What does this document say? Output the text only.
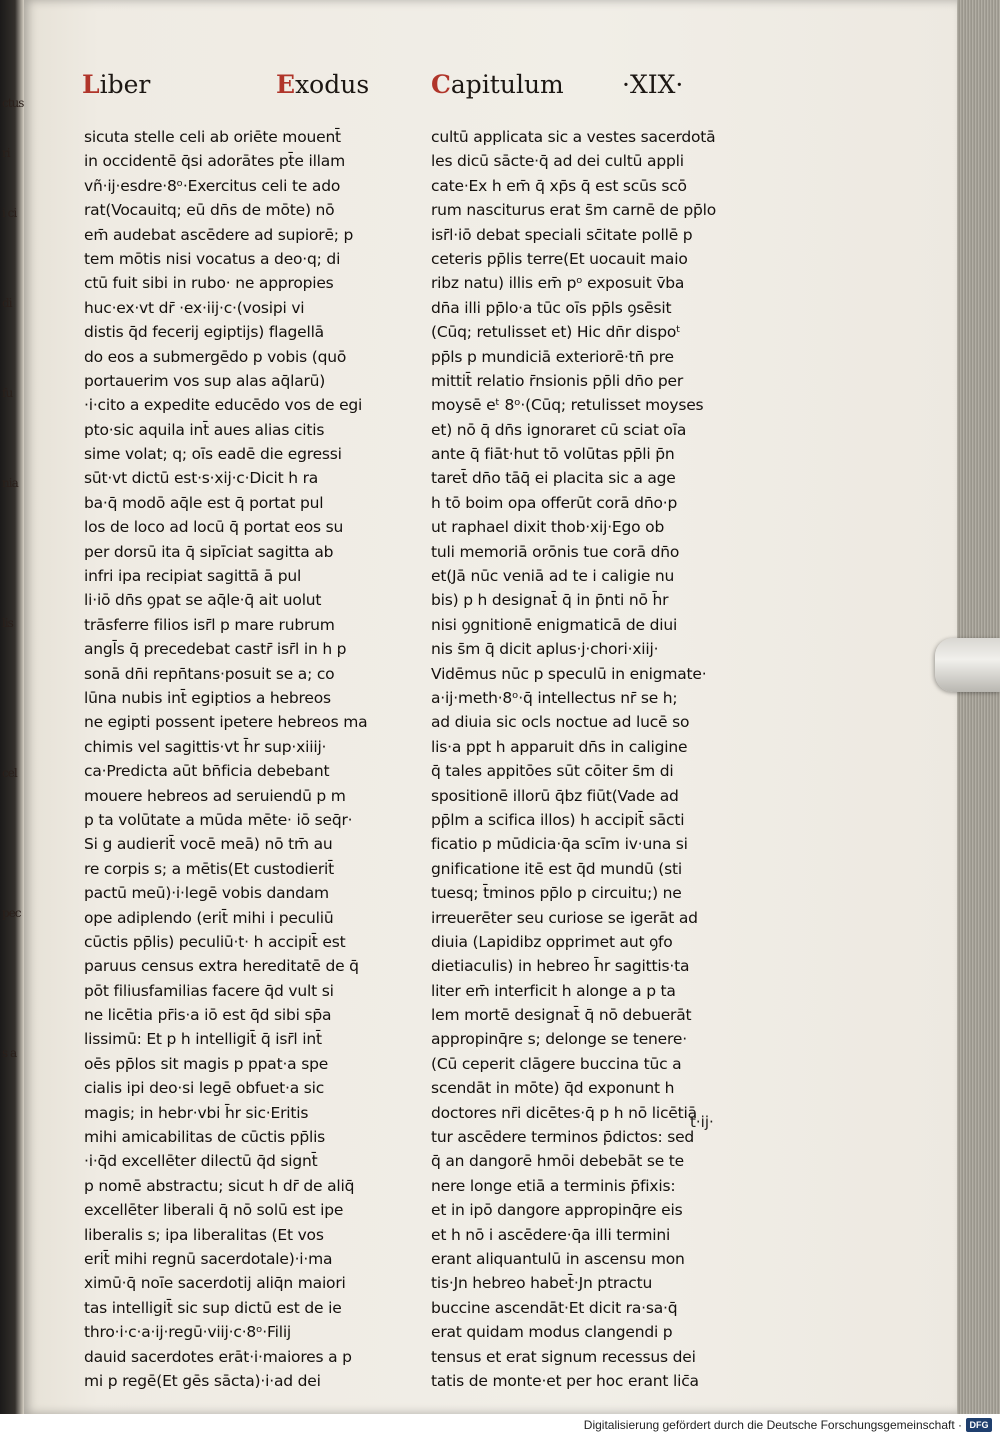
ctus
ri
i ci
di
fu
nia
lis
cel
pec
s a
Liber	Exodus Capitulum ·XIX·
sicuta stelle celi ab oriēte mouent̄
in occidentē q̄si adorātes pt̄e illam
vñ·ij·esdre·8ᵒ·Exercitus celi te ado
rat(Vocauitq; eū dn̄s de mōte) nō
em̄ audebat ascēdere ad supiorē; p
tem mōtis nisi vocatus a deo·q; di
ctū fuit sibi in rubo· ne appropies
huc·ex·vt dr̄ ·ex·iij·c·(vosipi vi
distis q̄d fecerij egiptijs) flagellā
do eos a submergēdo p vobis (quō
portauerim vos sup alas aq̄larū)
·i·cito a expedite educēdo vos de egi
pto·sic aquila int̄ aues alias citis
sime volat; q; oīs eadē die egressi
sūt·vt dictū est·s·xij·c·Dicit h ra
ba·q̄ modō aq̄le est q̄ portat pul
los de loco ad locū q̄ portat eos su
per dorsū ita q̄ sipīciat sagitta ab
infri ipa recipiat sagittā ā pul
li·iō dn̄s ꝯpat se aq̄le·q̄ ait uolut
trāsferre filios isr̄l p mare rubrum
angl̄s q̄ precedebat castr̄ isr̄l in h p
sonā dn̄i repn̄tans·posuit se a; co
lūna nubis int̄ egiptios a hebreos
ne egipti possent ipetere hebreos ma
chimis vel sagittis·vt h̄r sup·xiiij·
ca·Predicta aūt bn̄ficia debebant
mouere hebreos ad seruiendū p m
p ta volūtate a mūda mēte· iō seq̄r·
Si g audierit̄ vocē meā) nō tm̄ au
re corpis s; a mētis(Et custodierit̄
pactū meū)·i·legē vobis dandam
ope adiplendo (erit̄ mihi i peculiū
cūctis pp̄lis) peculiū·t· h accipit̄ est
paruus census extra hereditatē de q̄
pōt filiusfamilias facere q̄d vult si
ne licētia pr̄is·a iō est q̄d sibi sp̄a
lissimū: Et p h intelligit̄ q̄ isr̄l int̄
oēs pp̄los sit magis p ppat·a spe
cialis ipi deo·si legē obfuet·a sic
magis; in hebr·vbi h̄r sic·Eritis
mihi amicabilitas de cūctis pp̄lis
·i·q̄d excellēter dilectū q̄d signt̄
p nomē abstractu; sicut h dr̄ de aliq̄
excellēter liberali q̄ nō solū est ipe
liberalis s; ipa liberalitas (Et vos
erit̄ mihi regnū sacerdotale)·i·ma
ximū·q̄ noīe sacerdotij aliq̄n maiori
tas intelligit̄ sic sup dictū est de ie
thro·i·c·a·ij·regū·viij·c·8ᵒ·Filij
dauid sacerdotes erāt·i·maiores a p
mi p regē(Et gēs sācta)·i·ad dei
cultū applicata sic a vestes sacerdotā
les dicū sācte·q̄ ad dei cultū appli
cate·Ex h em̄ q̄ xp̄s q̄ est scūs scō
rum nasciturus erat s̄m carnē de pp̄lo
isr̄l·iō debat speciali sc̄itate pollē p
ceteris pp̄lis terre(Et uocauit maio
ribz natu) illis em̄ pᵒ exposuit v̄ba
dn̄a illi pp̄lo·a tūc oīs pp̄ls ꝯsēsit
(Cūq; retulisset et) Hic dn̄r dispoᵗ
pp̄ls p mundiciā exteriorē·tn̄ pre
mittit̄ relatio r̄nsionis pp̄li dn̄o per
moysē eᵗ 8ᵒ·(Cūq; retulisset moyses
et) nō q̄ dn̄s ignoraret cū sciat oīa
ante q̄ fiāt·hut tō volūtas pp̄li p̄n
taret̄ dn̄o tāq̄ ei placita sic a age
h tō boim opa offerūt corā dn̄o·p
ut raphael dixit thob·xij·Ego ob
tuli memoriā orōnis tue corā dn̄o
et(Jā nūc veniā ad te i caligie nu
bis) p h designat̄ q̄ in p̄nti nō h̄r
nisi ꝯgnitionē enigmaticā de diui
nis s̄m q̄ dicit aplus·j·chori·xiij·
Vidēmus nūc p speculū in enigmate·
a·ij·meth·8ᵒ·q̄ intellectus nr̄ se h;
ad diuia sic ocls noctue ad lucē so
lis·a ppt h apparuit dn̄s in caligine
q̄ tales appitōes sūt cōiter s̄m di
spositionē illorū q̄bz fiūt(Vade ad
pp̄lm a scifica illos) h accipit̄ sācti
ficatio p mūdicia·q̄a scīm iv·una si
gnificatione itē est q̄d mundū (sti
tuesq; t̄minos pp̄lo p circuitu;) ne
irreuerēter seu curiose se igerāt ad
diuia (Lapidibz opprimet aut ꝯfo
dietiaculis) in hebreo h̄r sagittis·ta
liter em̄ interficit h alonge a p ta
lem mortē designat̄ q̄ nō debuerāt
appropinq̄re s; delonge se tenere·
(Cū ceperit clāgere buccina tūc a
scendāt in mōte) q̄d exponunt h
doctores nr̄i dicētes·q̄ p h nō licētiā
tur ascēdere terminos p̄dictos: sed
q̄ an dangorē hmōi debebāt se te
nere longe etiā a terminis p̄fixis:
et in ipō dangore appropinq̄re eis
et h nō i ascēdere·q̄a illi termini
erant aliquantulū in ascensu mon
tis·Jn hebreo habet̄·Jn ptractu
buccine ascendāt·Et dicit ra·sa·q̄
erat quidam modus clangendi p
tensus et erat signum recessus dei
tatis de monte·et per hoc erant lic̄a
t·ij·
Digitalisierung gefördert durch die Deutsche Forschungsgemeinschaft · DFG
